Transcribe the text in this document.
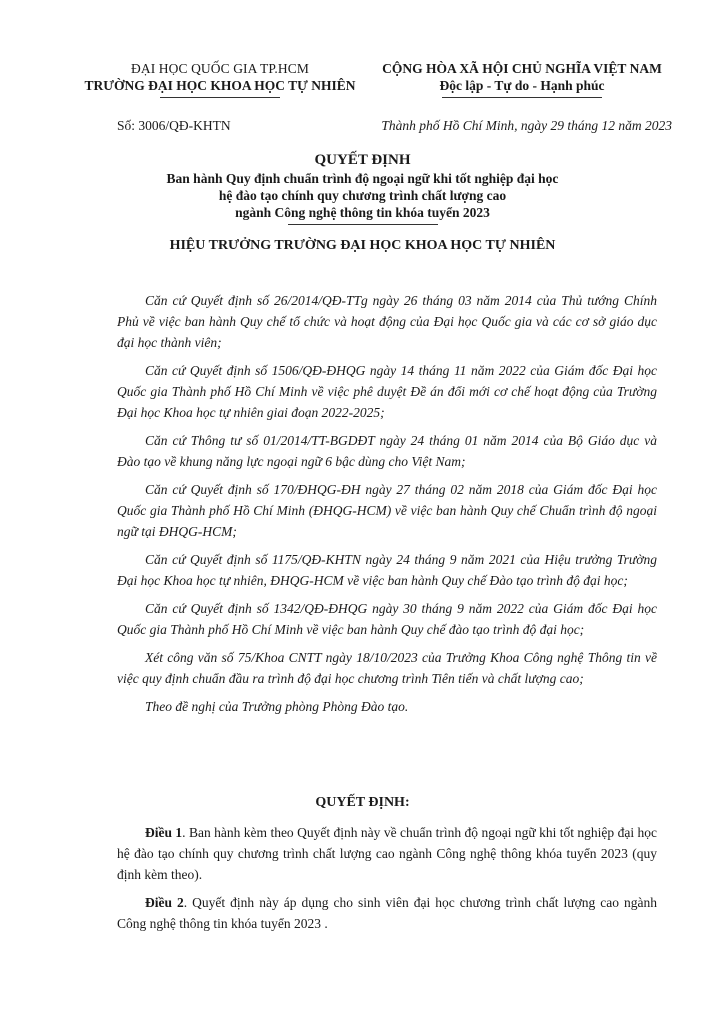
ĐẠI HỌC QUỐC GIA TP.HCM
TRƯỜNG ĐẠI HỌC KHOA HỌC TỰ NHIÊN
CỘNG HÒA XÃ HỘI CHỦ NGHĨA VIỆT NAM
Độc lập - Tự do - Hạnh phúc
Số: 3006/QĐ-KHTN	Thành phố Hồ Chí Minh, ngày 29 tháng 12 năm 2023
QUYẾT ĐỊNH
Ban hành Quy định chuẩn trình độ ngoại ngữ khi tốt nghiệp đại học
hệ đào tạo chính quy chương trình chất lượng cao
ngành Công nghệ thông tin khóa tuyển 2023
HIỆU TRƯỞNG TRƯỜNG ĐẠI HỌC KHOA HỌC TỰ NHIÊN

Căn cứ Quyết định số 26/2014/QĐ-TTg ngày 26 tháng 03 năm 2014 của Thủ tướng Chính Phủ về việc ban hành Quy chế tổ chức và hoạt động của Đại học Quốc gia và các cơ sở giáo dục đại học thành viên;

Căn cứ Quyết định số 1506/QĐ-ĐHQG ngày 14 tháng 11 năm 2022 của Giám đốc Đại học Quốc gia Thành phố Hồ Chí Minh về việc phê duyệt Đề án đổi mới cơ chế hoạt động của Trường Đại học Khoa học tự nhiên giai đoạn 2022-2025;

Căn cứ Thông tư số 01/2014/TT-BGDĐT ngày 24 tháng 01 năm 2014 của Bộ Giáo dục và Đào tạo về khung năng lực ngoại ngữ 6 bậc dùng cho Việt Nam;

Căn cứ Quyết định số 170/ĐHQG-ĐH ngày 27 tháng 02 năm 2018 của Giám đốc Đại học Quốc gia Thành phố Hồ Chí Minh (ĐHQG-HCM) về việc ban hành Quy chế Chuẩn trình độ ngoại ngữ tại ĐHQG-HCM;

Căn cứ Quyết định số 1175/QĐ-KHTN ngày 24 tháng 9 năm 2021 của Hiệu trưởng Trường Đại học Khoa học tự nhiên, ĐHQG-HCM về việc ban hành Quy chế Đào tạo trình độ đại học;

Căn cứ Quyết định số 1342/QĐ-ĐHQG ngày 30 tháng 9 năm 2022 của Giám đốc Đại học Quốc gia Thành phố Hồ Chí Minh về việc ban hành Quy chế đào tạo trình độ đại học;

Xét công văn số 75/Khoa CNTT ngày 18/10/2023 của Trưởng Khoa Công nghệ Thông tin về việc quy định chuẩn đầu ra trình độ đại học chương trình Tiên tiến và chất lượng cao;

Theo đề nghị của Trưởng phòng Phòng Đào tạo.

QUYẾT ĐỊNH:

Điều 1. Ban hành kèm theo Quyết định này về chuẩn trình độ ngoại ngữ khi tốt nghiệp đại học hệ đào tạo chính quy chương trình chất lượng cao ngành Công nghệ thông khóa tuyển 2023 (quy định kèm theo).

Điều 2. Quyết định này áp dụng cho sinh viên đại học chương trình chất lượng cao ngành Công nghệ thông tin khóa tuyển 2023 .
